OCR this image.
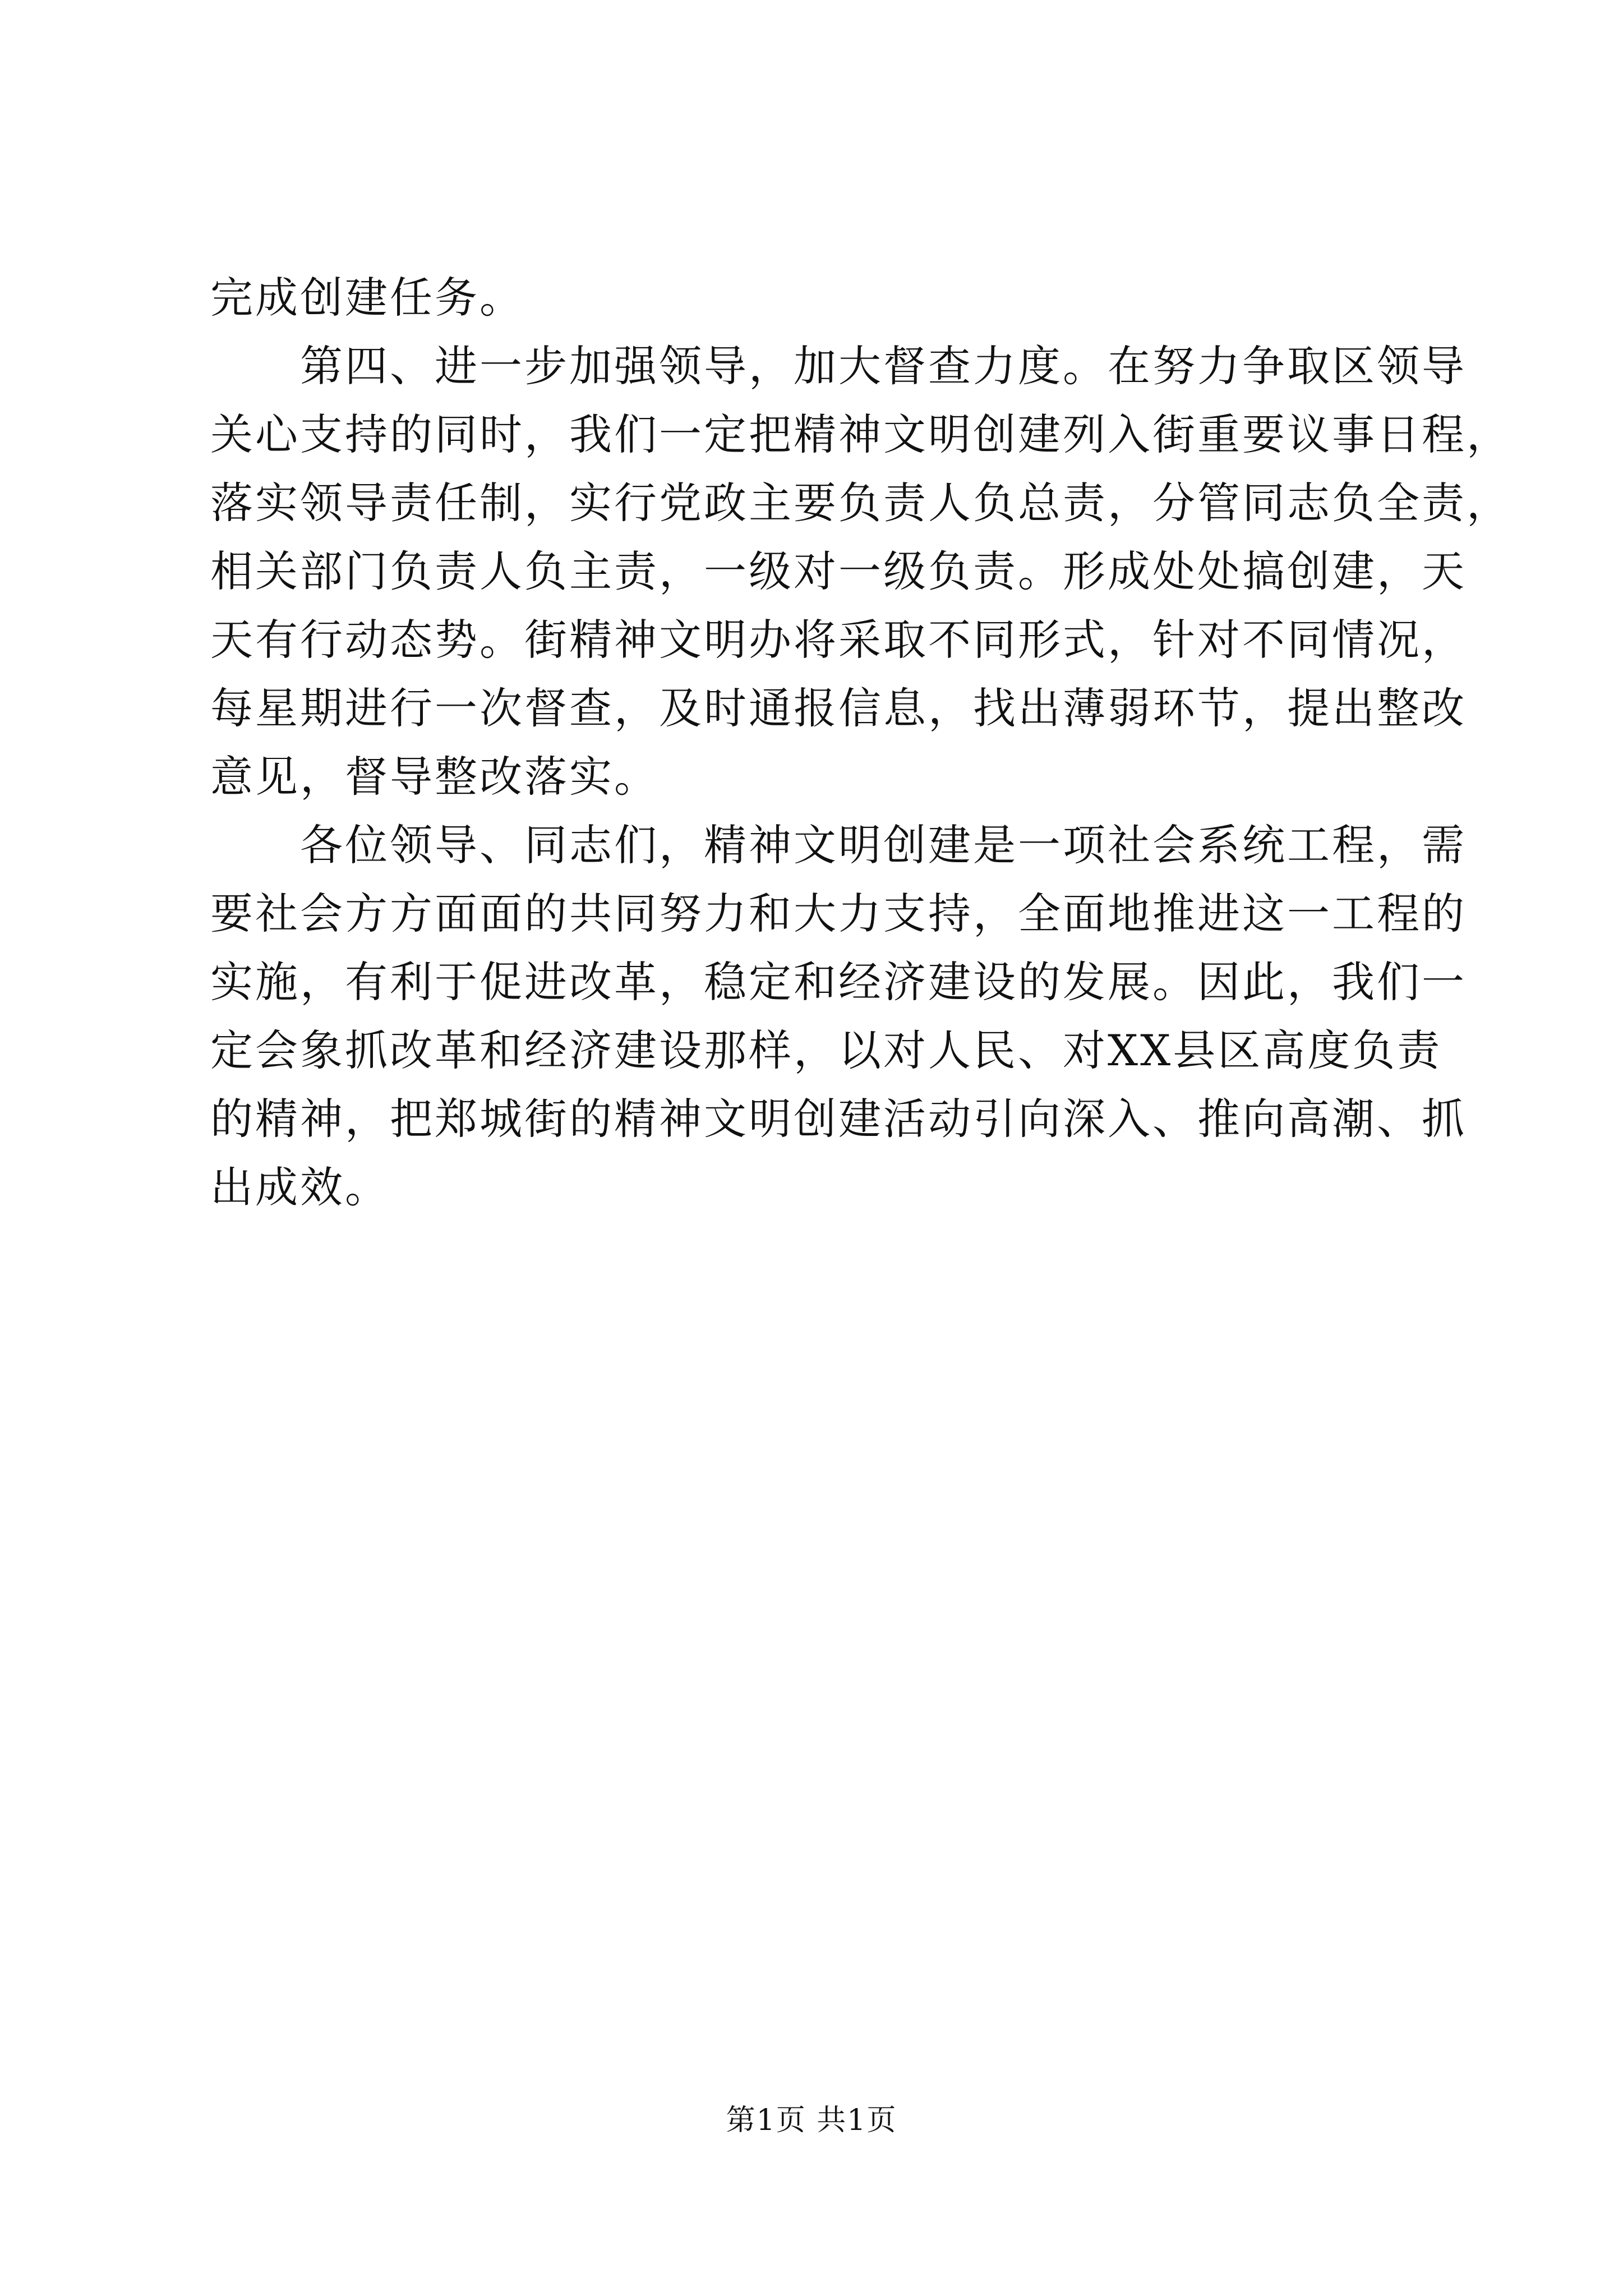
完成创建任务。
　　第四、进一步加强领导，加大督查力度。在努力争取区领导
关心支持的同时，我们一定把精神文明创建列入街重要议事日程，
落实领导责任制，实行党政主要负责人负总责，分管同志负全责，
相关部门负责人负主责，一级对一级负责。形成处处搞创建，天
天有行动态势。街精神文明办将采取不同形式，针对不同情况，
每星期进行一次督查，及时通报信息，找出薄弱环节，提出整改
意见，督导整改落实。
　　各位领导、同志们，精神文明创建是一项社会系统工程，需
要社会方方面面的共同努力和大力支持，全面地推进这一工程的
实施，有利于促进改革，稳定和经济建设的发展。因此，我们一
定会象抓改革和经济建设那样，以对人民、对XX县区高度负责
的精神，把郑城街的精神文明创建活动引向深入、推向高潮、抓
出成效。
第1页 共1页
